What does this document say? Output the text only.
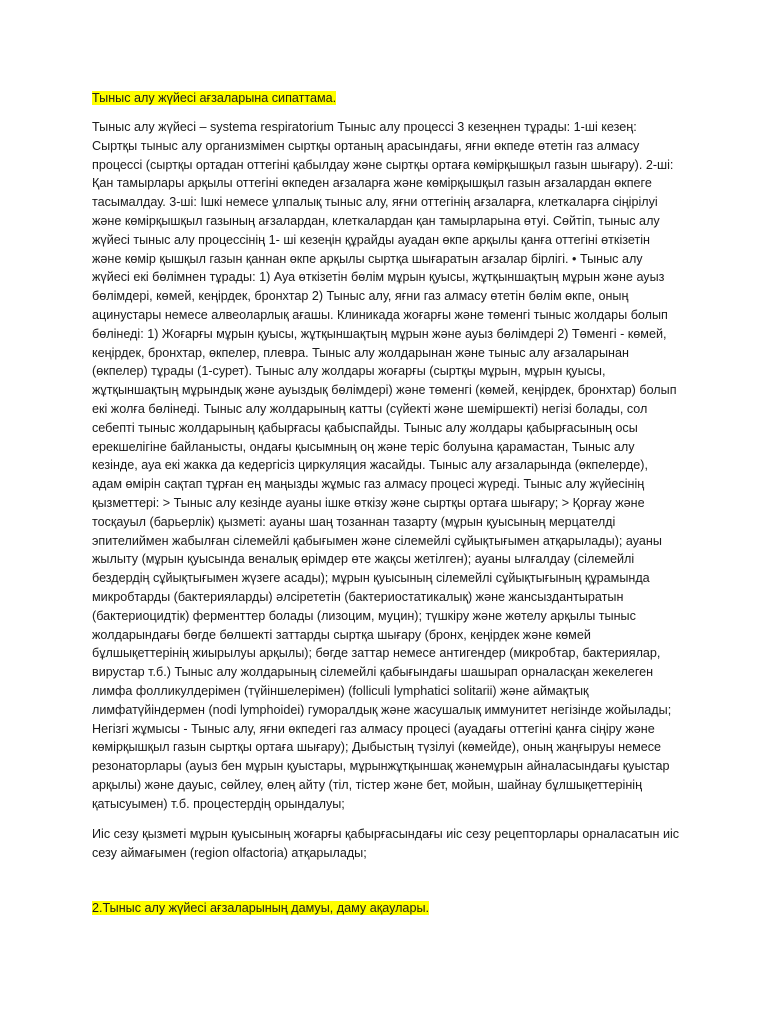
Тыныс алу жүйесі ағзаларына сипаттама.

Тыныс алу жүйесі – systema respiratorium Тыныс алу процессі 3 кезеңнен тұрады: 1-ші кезең: Сыртқы тыныс алу организмімен сыртқы ортаның арасындағы, яғни өкпеде өтетін газ алмасу процессі (сыртқы ортадан оттегіні қабылдау және сыртқы ортаға көмірқышқыл газын шығару). 2-ші: Қан тамырлары арқылы оттегіні өкпеден ағзаларға және көмірқышқыл газын ағзалардан өкпеге тасымалдау. 3-ші: Ішкі немесе ұлпалық тыныс алу, яғни оттегінің ағзаларға, клеткаларға сіңірілуі және көмірқышқыл газының ағзалардан, клеткалардан қан тамырларына өтуі. Сөйтіп, тыныс алу жүйесі тыныс алу процессінің 1- ші кезеңін құрайды ауадан өкпе арқылы қанға оттегіні өткізетін және көмір қышқыл газын қаннан өкпе арқылы сыртқа шығаратын ағзалар бірлігі. • Тыныс алу жүйесі екі бөлімнен тұрады: 1) Ауа өткізетін бөлім мұрын қуысы, жұтқыншақтың мұрын және ауыз бөлімдері, көмей, кеңірдек, бронхтар 2) Тыныс алу, яғни газ алмасу өтетін бөлім өкпе, оның ацинустары немесе алвеоларлық ағашы. Клиникада жоғарғы және төменгі тыныс жолдары болып бөлінеді: 1) Жоғарғы мұрын қуысы, жұтқыншақтың мұрын және ауыз бөлімдері 2) Төменгі - көмей, кеңірдек, бронхтар, өкпелер, плевра. Тыныс алу жолдарынан және тыныс алу ағзаларынан (өкпелер) тұрады (1-сурет). Тыныс алу жолдары жоғарғы (сыртқы мұрын, мұрын қуысы, жұтқыншақтың мұрындық және ауыздық бөлімдері) және төменгі (көмей, кеңірдек, бронхтар) болып екі жолға бөлінеді. Тыныс алу жолдарының катты (сүйекті және шеміршекті) негізі болады, сол себепті тыныс жолдарының қабырғасы қабыспайды. Тыныс алу жолдары қабырғасының осы ерекшелігіне байланысты, ондағы қысымның оң және теріс болуына қарамастан, Тыныс алу кезінде, ауа екі жакка да кедергісіз циркуляция жасайды. Тыныс алу ағзаларында (өкпелерде), адам өмірін сақтап тұрған ең маңызды жұмыс газ алмасу процесі жүреді. Тыныс алу жүйесінің қызметтері: > Тыныс алу кезінде ауаны ішке өткізу және сыртқы ортаға шығару; > Қорғау және тосқауыл (барьерлік) қызметі: ауаны шаң тозаннан тазарту (мұрын қуысының мерцателді эпителиймен жабылған сілемейлі қабығымен және сілемейлі сұйықтығымен атқарылады); ауаны жылыту (мұрын қуысында веналық өрімдер өте жақсы жетілген); ауаны ылғалдау (сілемейлі бездердің сұйықтығымен жүзеге асады); мұрын қуысының сілемейлі сұйықтығының құрамында микробтарды (бактерияларды) әлсірететін (бактериостатикалық) және жансыздантыратын (бактериоцидтік) ферменттер болады (лизоцим, муцин); түшкіру және жөтелу арқылы тыныс жолдарындағы бөгде бөлшекті заттарды сыртқа шығару (бронх, кеңірдек және көмей бұлшықеттерінің жиырылуы арқылы); бөгде заттар немесе антигендер (микробтар, бактериялар, вирустар т.б.) Тыныс алу жолдарының сілемейлі қабығындағы шашырап орналасқан жекелеген лимфа фолликулдерімен (түйіншелерімен) (folliculi lymphatici solitarii) және аймақтық лимфатүйіндермен (nodi lymphoidei) гуморалдық және жасушалық иммунитет негізінде жойылады; Негізгі жұмысы - Тыныс алу, яғни өкпедегі газ алмасу процесі (ауадағы оттегіні қанға сіңіру және көмірқышқыл газын сыртқы ортаға шығару); Дыбыстың түзілуі (көмейде), оның жаңғыруы немесе резонаторлары (ауыз бен мұрын қуыстары, мұрынжұтқыншақ жәнемұрын айналасындағы қуыстар арқылы) және дауыс, сөйлеу, өлең айту (тіл, тістер және бет, мойын, шайнау бұлшықеттерінің қатысуымен) т.б. процестердің орындалуы;

Иіс сезу қызметі мұрын қуысының жоғарғы қабырғасындағы иіс сезу рецепторлары орналасатын иіс сезу аймағымен (region olfactoria) атқарылады;

2.Тыныс алу жүйесі ағзаларының дамуы, даму ақаулары.
